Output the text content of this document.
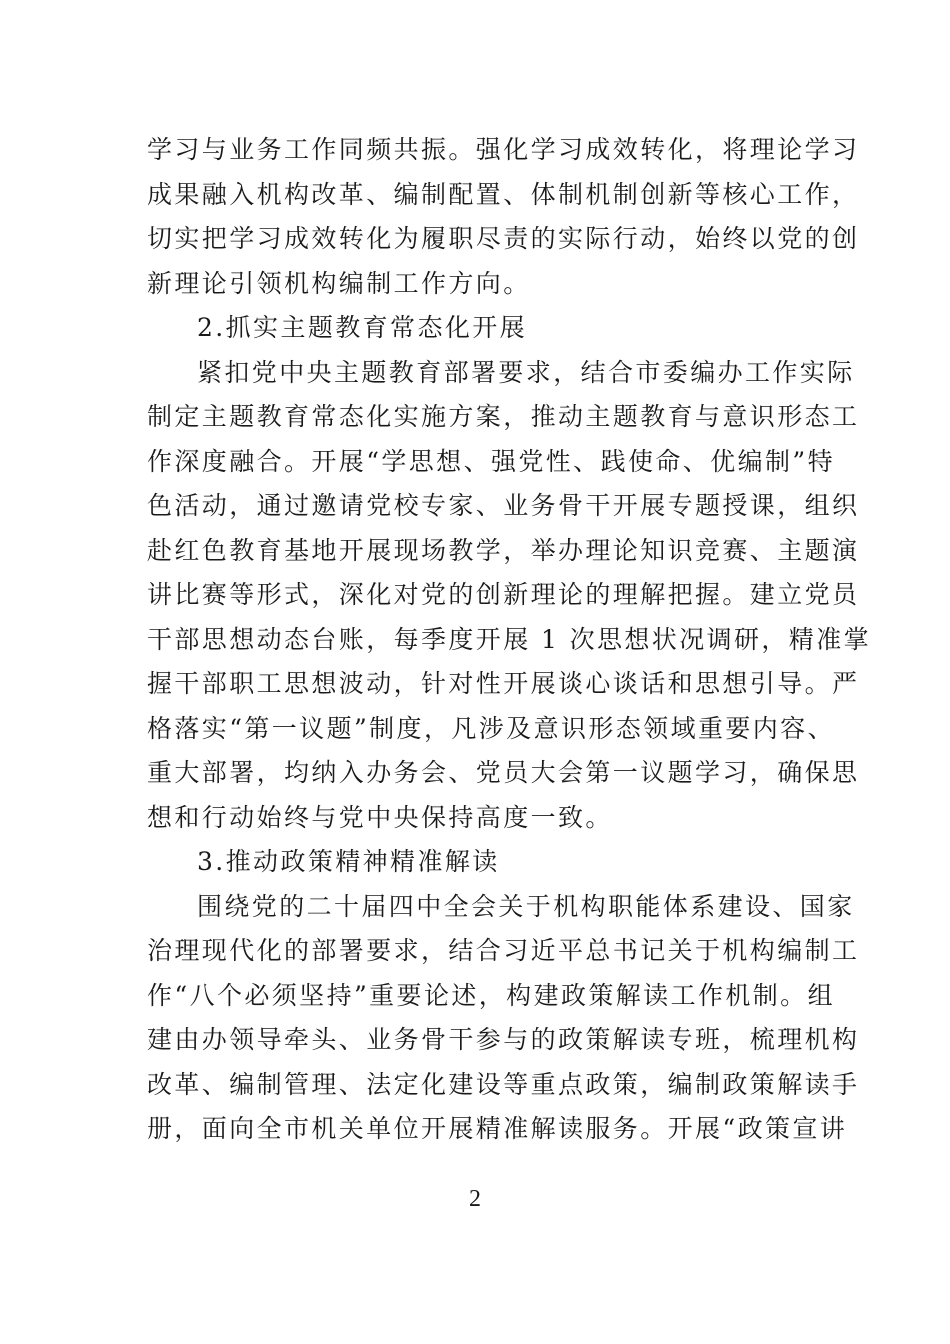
学习与业务工作同频共振。强化学习成效转化，将理论学习
成果融入机构改革、编制配置、体制机制创新等核心工作，
切实把学习成效转化为履职尽责的实际行动，始终以党的创
新理论引领机构编制工作方向。
2.抓实主题教育常态化开展
紧扣党中央主题教育部署要求，结合市委编办工作实际
制定主题教育常态化实施方案，推动主题教育与意识形态工
作深度融合。开展“学思想、强党性、践使命、优编制”特
色活动，通过邀请党校专家、业务骨干开展专题授课，组织
赴红色教育基地开展现场教学，举办理论知识竞赛、主题演
讲比赛等形式，深化对党的创新理论的理解把握。建立党员
干部思想动态台账，每季度开展 1 次思想状况调研，精准掌
握干部职工思想波动，针对性开展谈心谈话和思想引导。严
格落实“第一议题”制度，凡涉及意识形态领域重要内容、
重大部署，均纳入办务会、党员大会第一议题学习，确保思
想和行动始终与党中央保持高度一致。
3.推动政策精神精准解读
围绕党的二十届四中全会关于机构职能体系建设、国家
治理现代化的部署要求，结合习近平总书记关于机构编制工
作“八个必须坚持”重要论述，构建政策解读工作机制。组
建由办领导牵头、业务骨干参与的政策解读专班，梳理机构
改革、编制管理、法定化建设等重点政策，编制政策解读手
册，面向全市机关单位开展精准解读服务。开展“政策宣讲
2
